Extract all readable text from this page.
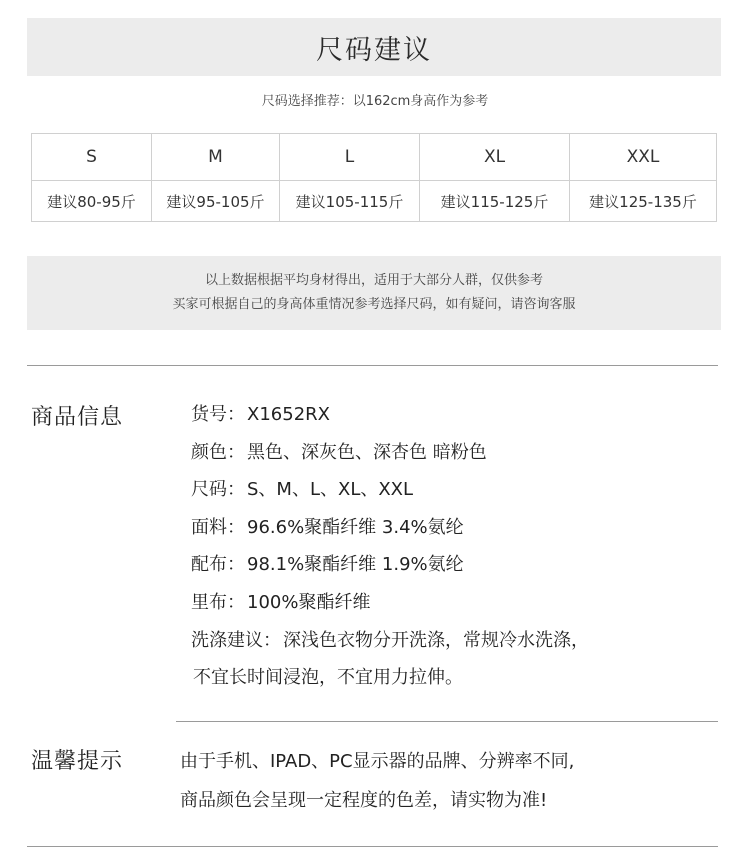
尺码建议
尺码选择推荐：以162cm身高作为参考
S	M	L	XL	XXL
建议80-95斤	建议95-105斤	建议105-115斤	建议115-125斤	建议125-135斤
以上数据根据平均身材得出，适用于大部分人群，仅供参考
买家可根据自己的身高体重情况参考选择尺码，如有疑问，请咨询客服
商品信息	货号： X1652RX
颜色： 黑色、深灰色、深杏色 暗粉色
尺码： S、M、L、XL、XXL
面料： 96.6%聚酯纤维 3.4%氨纶
配布： 98.1%聚酯纤维 1.9%氨纶
里布： 100%聚酯纤维
洗涤建议： 深浅色衣物分开洗涤，常规冷水洗涤，
不宜长时间浸泡，不宜用力拉伸。
温馨提示	由于手机、IPAD、PC显示器的品牌、分辨率不同,
商品颜色会呈现一定程度的色差，请实物为准!
